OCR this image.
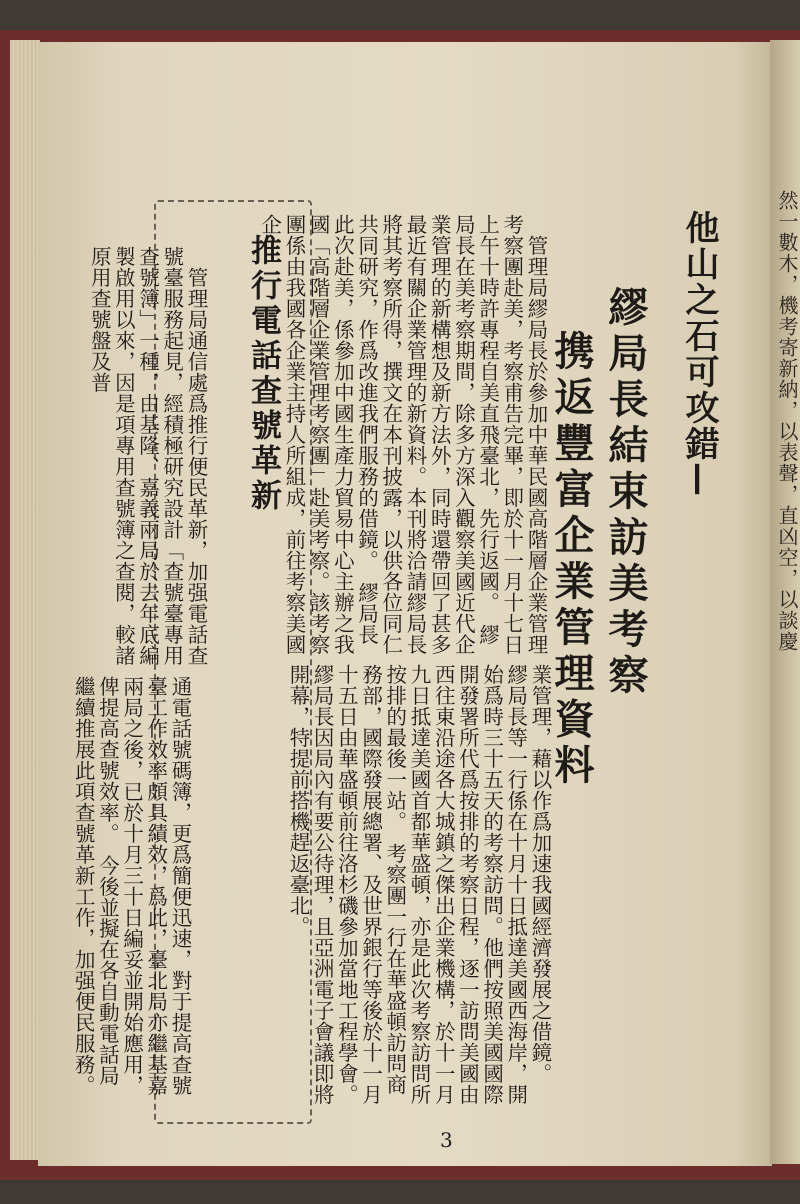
他山之石可攻錯—
繆局長結束訪美考察
携返豐富企業管理資料
　管理局繆局長於參加中華民國高階層企業管理考察團赴美，考察甫告完畢，即於十一月十七日上午十時許專程自美直飛臺北，先行返國。　繆局長在美考察期間，除多方深入觀察美國近代企業管理的新構想及新方法外，同時還帶回了甚多最近有關企業管理的新資料。本刊將洽請繆局長將其考察所得，撰文在本刊披露，以供各位同仁共同研究，作爲改進我們服務的借鏡。　繆局長此次赴美，係參加中國生產力貿易中心主辦之我國「高階層企業管理考察團」赴美考察。該考察團係由我國各企業主持人所組成，前往考察美國企
業管理，藉以作爲加速我國經濟發展之借鏡。　繆局長等一行係在十月十日抵達美國西海岸，開始爲時三十五天的考察訪問。他們按照美國國際開發署所代爲按排的考察日程，逐一訪問美國由西往東沿途各大城鎮之傑出企業機構，於十一月九日抵達美國首都華盛頓，亦是此次考察訪問所按排的最後一站。　考察團一行在華盛頓訪問商務部，國際發展總署、及世界銀行等後於十一月十五日由華盛頓前往洛杉磯參加當地工程學會。繆局長因局內有要公待理，且亞洲電子會議即將開幕，特提前搭機趕返臺北。
推行電話查號革新
　管理局通信處爲推行便民革新，加强電話查號臺服務起見，經積極研究設計「查號臺專用查號簿」一種，由基隆、嘉義兩局於去年底編製啟用以來，因是項專用查號簿之查閱，較諸原用查號盤及普
通電話號碼簿，更爲簡便迅速，對于提高查號臺工作效率頗具績效，爲此，臺北局亦繼基嘉兩局之後，已於十月三十日編妥並開始應用，俾提高查號效率。　今後並擬在各自動電話局繼續推展此項查號革新工作，加强便民服務。
3
然一數木，機考寄新納，以表聲，直凶空，以談慶
